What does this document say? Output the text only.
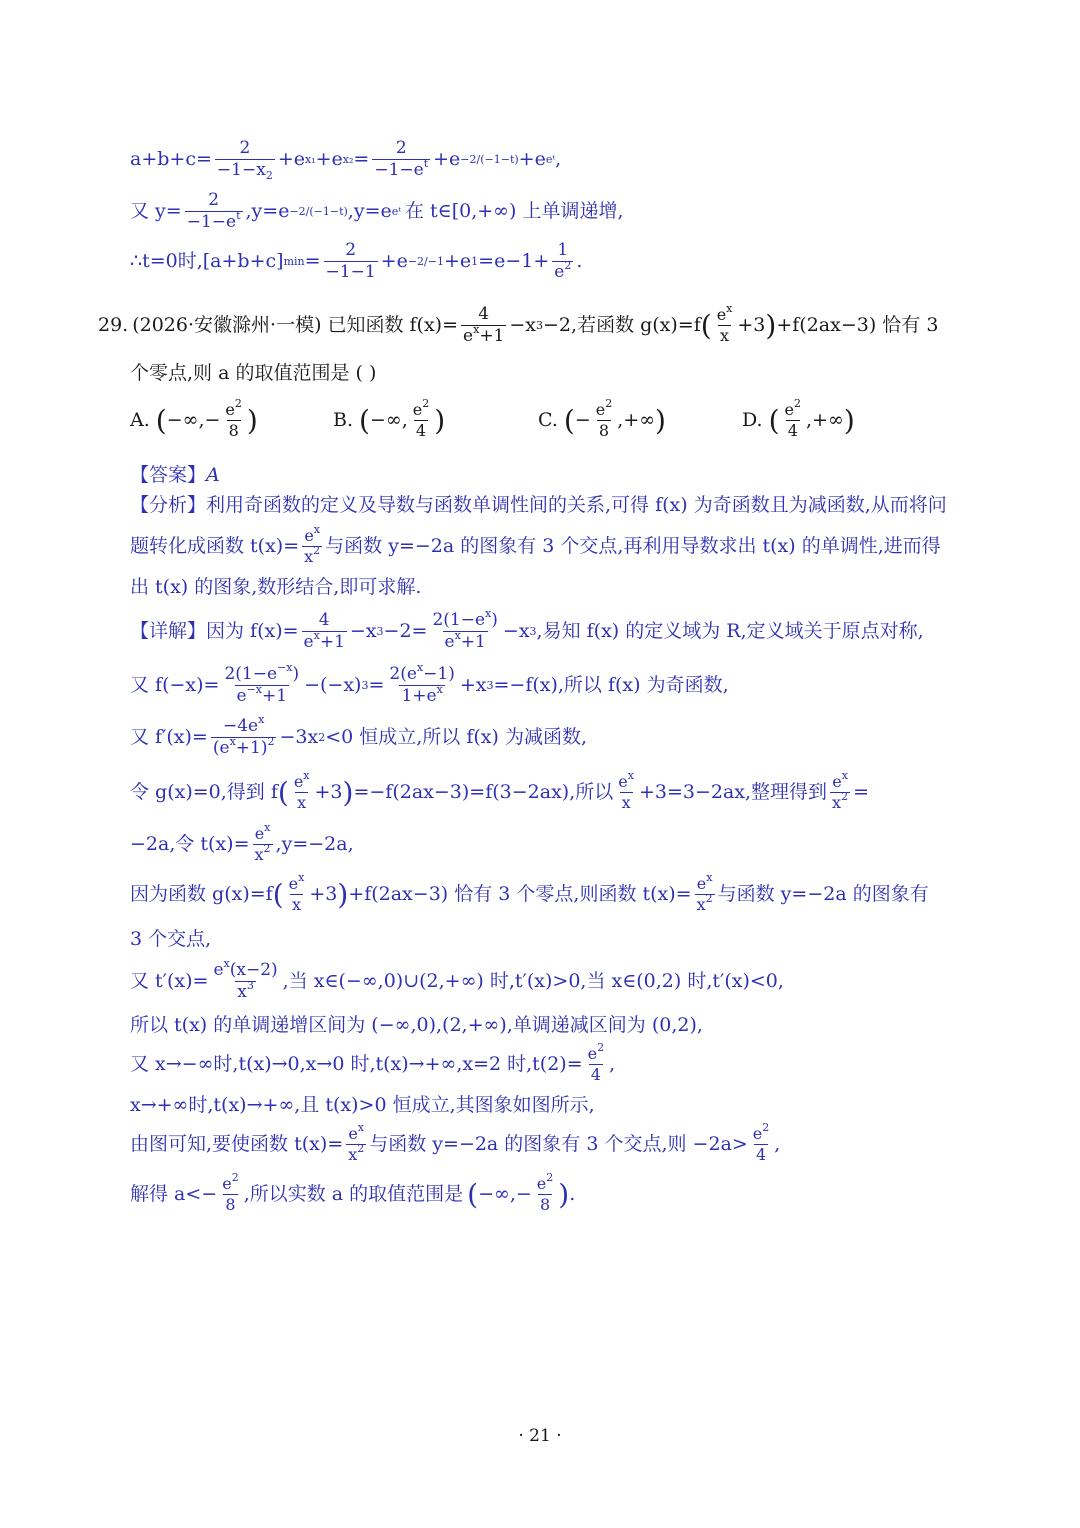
$a+b+c= \frac{2}{-1-x_2} +e$ x₁ +e $x_2 = \frac{2}{-1-e^t} +e -2/(-1-t) +e$ eᵗ ,
又 $y= \frac{2}{-1-e^t} ,y=e -2/(-1-t)$ ,y=e eᵗ 在 t∈[0,+∞) 上单调递增,
∴t=0时,[a+b+c] $\min = \frac{2}{-1-1} +e -2/-1 +e$ $1 =e-1+ \frac{1}{e^2}$ .
29. (2026·安徽滁州·一模) 已知函数 $f(x)= \frac{4}{e^x+1} -x$ 3 −2,若函数 g(x)=f ( $\frac{e^x}{x} +3$ ) +f(2ax−3) 恰有 3
个零点,则 a 的取值范围是 ( )
A. ( −∞,− $\frac{e^2}{8}$ )	B. ( −∞, $\frac{e^2}{4}$ )	C. ( − $\frac{e^2}{8}$ ,+∞ )	D. ( $\frac{e^2}{4}$ ,+∞ )
【答案】 A
【分析】利用奇函数的定义及导数与函数单调性间的关系,可得 f(x) 为奇函数且为减函数,从而将问
题转化成函数 $t(x)= \frac{e^x}{x^2}$ 与函数 y=−2a 的图象有 3 个交点,再利用导数求出 t(x) 的单调性,进而得
出 t(x) 的图象,数形结合,即可求解.
【详解】因为 $f(x)= \frac{4}{e^x+1} -x$ $3 -2= \frac{2(1-e^x)}{e^x+1} -x$ 3 ,易知 f(x) 的定义域为 R,定义域关于原点对称,
又 $f(-x)= \frac{2(1-e^{-x})}{e^{-x}+1} -(-x) 3 = \frac{2(e^x-1)}{1+e^x} +x$ 3 =−f(x),所以 f(x) 为奇函数,
又 $f'(x)= \frac{-4e^x}{(e^x+1)^2} -3x$ 2 <0 恒成立,所以 f(x) 为减函数,
令 g(x)=0,得到 f ( $\frac{e^x}{x} +3$ ) =−f(2ax−3)=f(3−2ax),所以 $\frac{e^x}{x} +3=3-2ax$,整理得到 $\frac{e^x}{x^2}$ =
−2a,令 $t(x)= \frac{e^x}{x^2} ,y=-2a$,
因为函数 g(x)=f ( $\frac{e^x}{x} +3$ ) +f(2ax−3) 恰有 3 个零点,则函数 $t(x)= \frac{e^x}{x^2}$ 与函数 y=−2a 的图象有
3 个交点,
又 $t'(x)= \frac{e^x(x-2)}{x^3}$ ,当 x∈(−∞,0)∪(2,+∞) 时,t′(x)>0,当 x∈(0,2) 时,t′(x)<0,
所以 t(x) 的单调递增区间为 (−∞,0),(2,+∞),单调递减区间为 (0,2),
又 x→−∞时,t(x)→0,x→0 时,t(x)→+∞,x=2 时$,t(2)= \frac{e^2}{4}$ ,
x→+∞时,t(x)→+∞,且 t(x)>0 恒成立,其图象如图所示,
由图可知,要使函数 $t(x)= \frac{e^x}{x^2}$ 与函数 y=−2a 的图象有 3 个交点,则 $-2a> \frac{e^2}{4}$ ,
解得 $a<- \frac{e^2}{8}$ ,所以实数 a 的取值范围是 ( −∞,− $\frac{e^2}{8}$ ) .
· 21 ·
